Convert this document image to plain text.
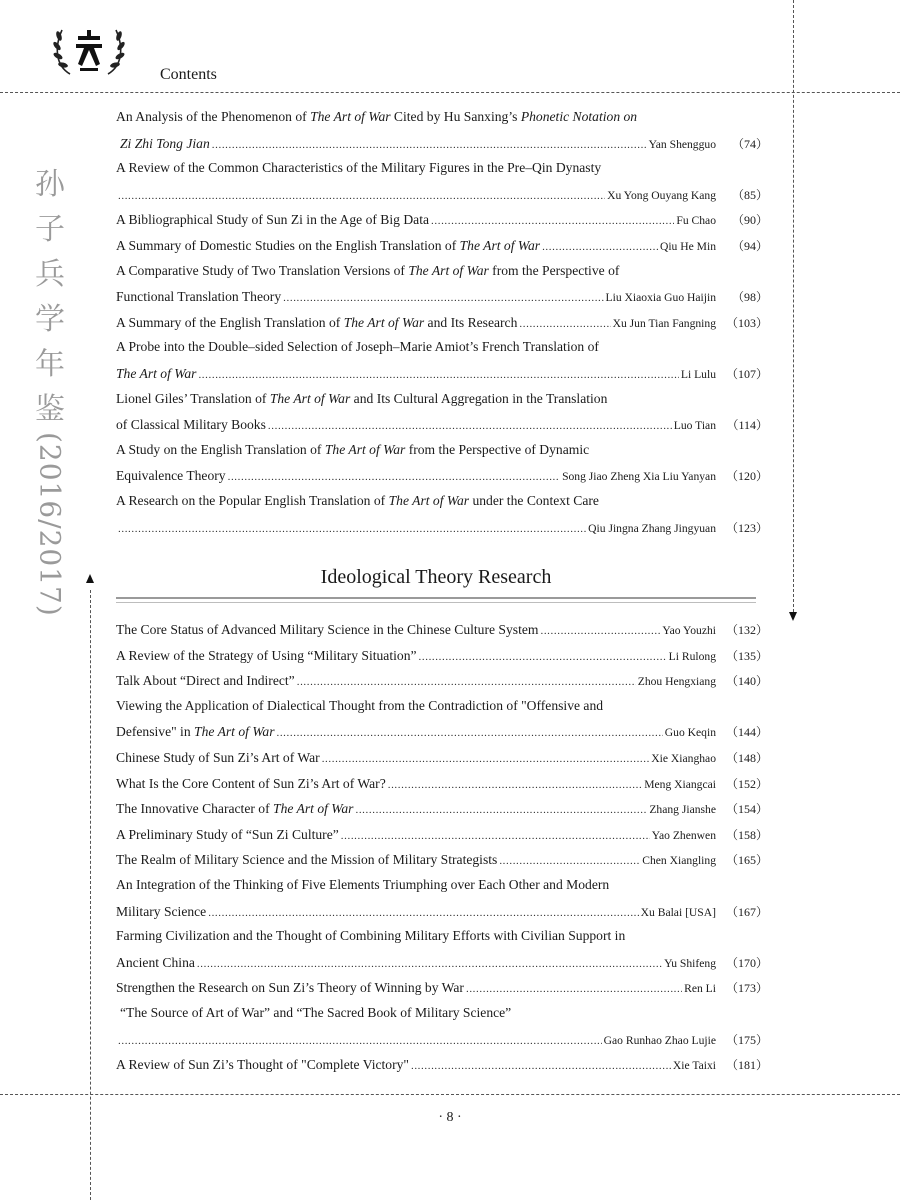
Contents
孙
子
兵
学
年
鉴
(2016/2017)
An Analysis of the Phenomenon of The Art of War Cited by Hu Sanxing’s Phonetic Notation on
Zi Zhi Tong Jian .....	Yan Shengguo	（74）
A Review of the Common Characteristics of the Military Figures in the Pre–Qin Dynasty
.....
Xu Yong Ouyang Kang	（85）
A Bibliographical Study of Sun Zi in the Age of Big Data .....	Fu Chao	（90）
A Summary of Domestic Studies on the English Translation of The Art of War .....	Qiu He Min	（94）
A Comparative Study of Two Translation Versions of The Art of War from the Perspective of
Functional Translation Theory .....	Liu Xiaoxia Guo Haijin	（98）
A Summary of the English Translation of The Art of War and Its Research .....	Xu Jun Tian Fangning （103）
A Probe into the Double–sided Selection of Joseph–Marie Amiot’s French Translation of
The Art of War .....	Li Lulu （107）
Lionel Giles’ Translation of The Art of War and Its Cultural Aggregation in the Translation
of Classical Military Books .....	Luo Tian （114）
A Study on the English Translation of The Art of War from the Perspective of Dynamic
Equivalence Theory .....	Song Jiao Zheng Xia Liu Yanyan （120）
A Research on the Popular English Translation of The Art of War under the Context Care
.....
Qiu Jingna Zhang Jingyuan （123）
Ideological Theory Research
The Core Status of Advanced Military Science in the Chinese Culture System .....	Yao Youzhi （132）
A Review of the Strategy of Using “Military Situation” .....	Li Rulong （135）
Talk About “Direct and Indirect” .....	Zhou Hengxiang （140）
Viewing the Application of Dialectical Thought from the Contradiction of "Offensive and
Defensive" in The Art of War .....	Guo Keqin （144）
Chinese Study of Sun Zi’s Art of War .....	Xie Xianghao （148）
What Is the Core Content of Sun Zi’s Art of War? .....	Meng Xiangcai （152）
The Innovative Character of The Art of War .....	Zhang Jianshe （154）
A Preliminary Study of “Sun Zi Culture” .....	Yao Zhenwen （158）
The Realm of Military Science and the Mission of Military Strategists .....	Chen Xiangling （165）
An Integration of the Thinking of Five Elements Triumphing over Each Other and Modern
Military Science .....	Xu Balai [USA] （167）
Farming Civilization and the Thought of Combining Military Efforts with Civilian Support in
Ancient China .....	Yu Shifeng （170）
Strengthen the Research on Sun Zi’s Theory of Winning by War .....	Ren Li （173）
“The Source of Art of War” and “The Sacred Book of Military Science”
.....
Gao Runhao Zhao Lujie （175）
A Review of Sun Zi’s Thought of "Complete Victory" .....	Xie Taixi （181）
· 8 ·
